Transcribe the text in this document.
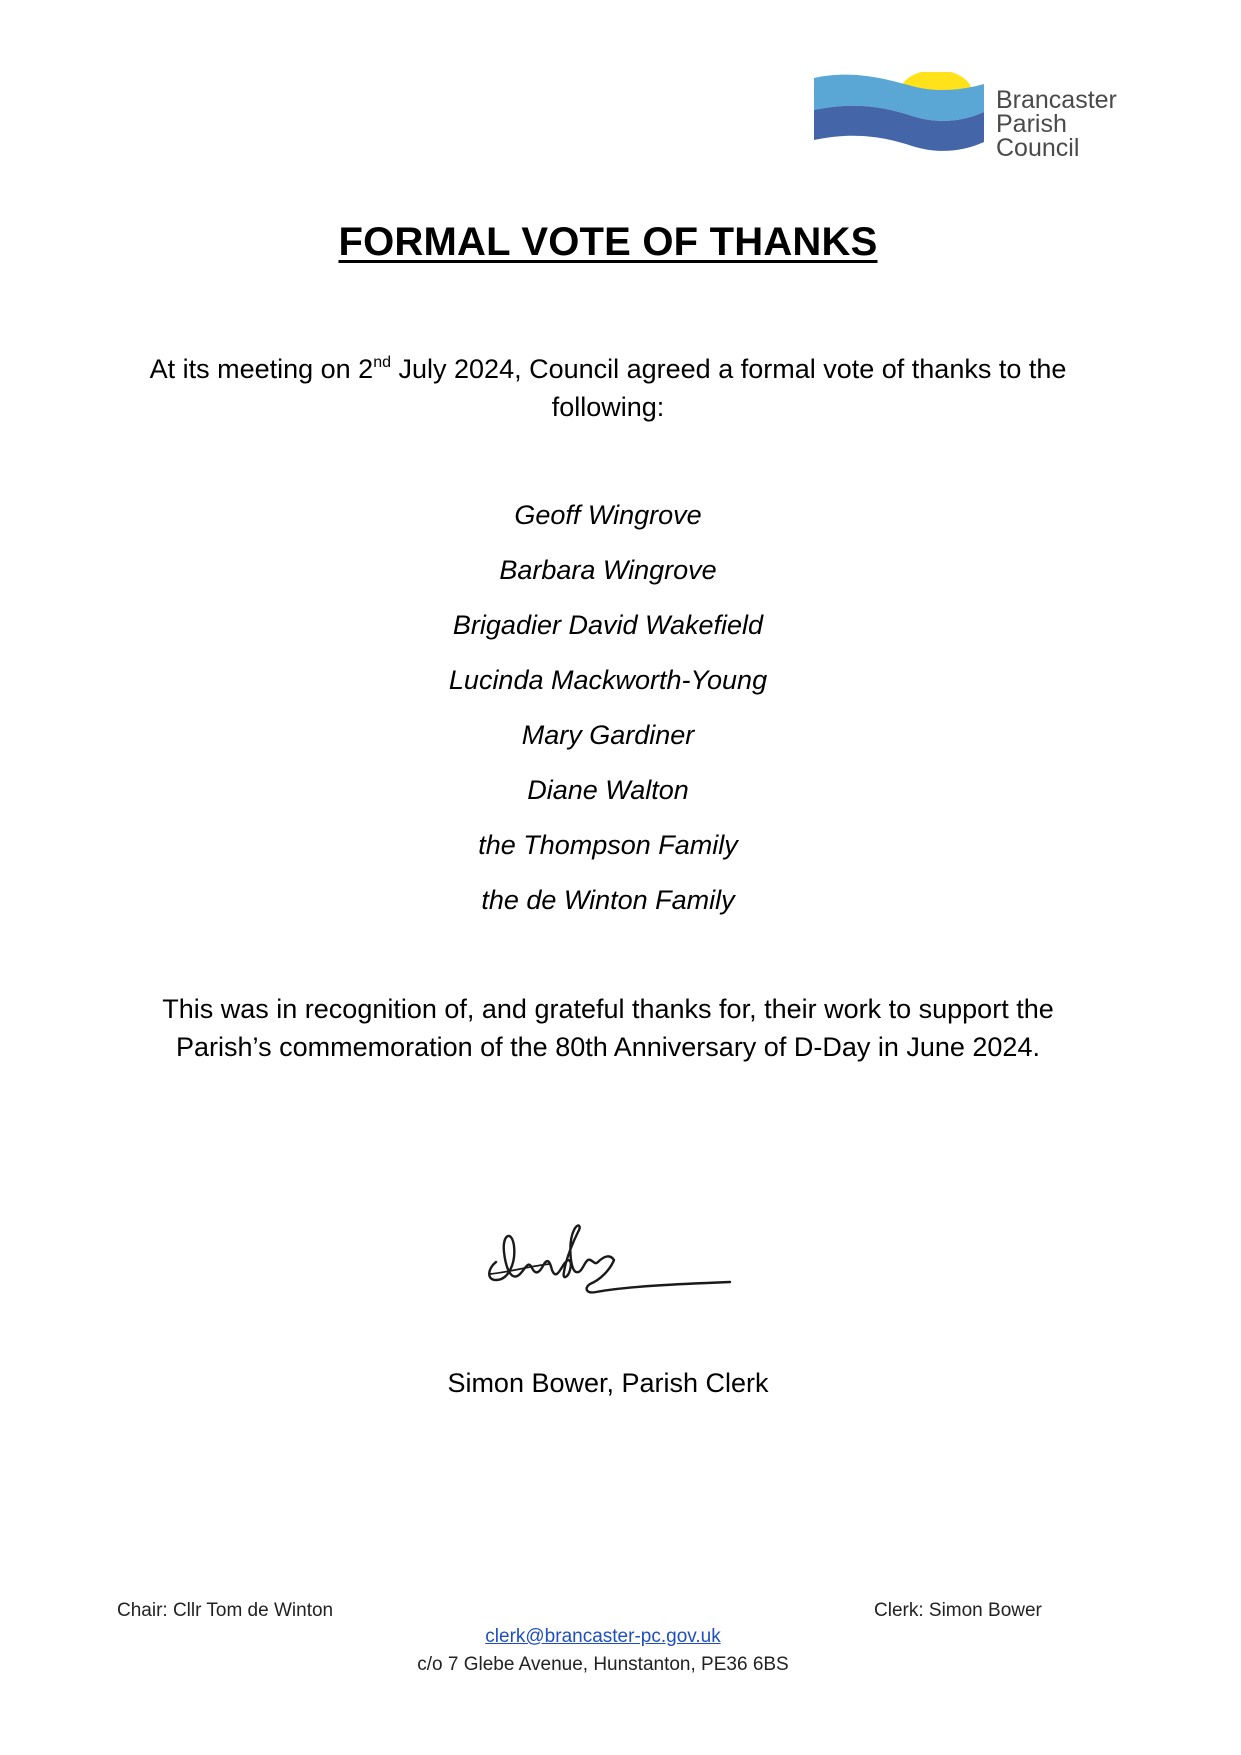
Brancaster
Parish
Council
FORMAL VOTE OF THANKS
At its meeting on 2nd July 2024, Council agreed a formal vote of thanks to the following:
Geoff Wingrove
Barbara Wingrove
Brigadier David Wakefield
Lucinda Mackworth-Young
Mary Gardiner
Diane Walton
the Thompson Family
the de Winton Family
This was in recognition of, and grateful thanks for, their work to support the Parish’s commemoration of the 80th Anniversary of D-Day in June 2024.
Simon Bower, Parish Clerk
Chair: Cllr Tom de Winton	Clerk: Simon Bower
clerk@brancaster-pc.gov.uk
c/o 7 Glebe Avenue, Hunstanton, PE36 6BS
